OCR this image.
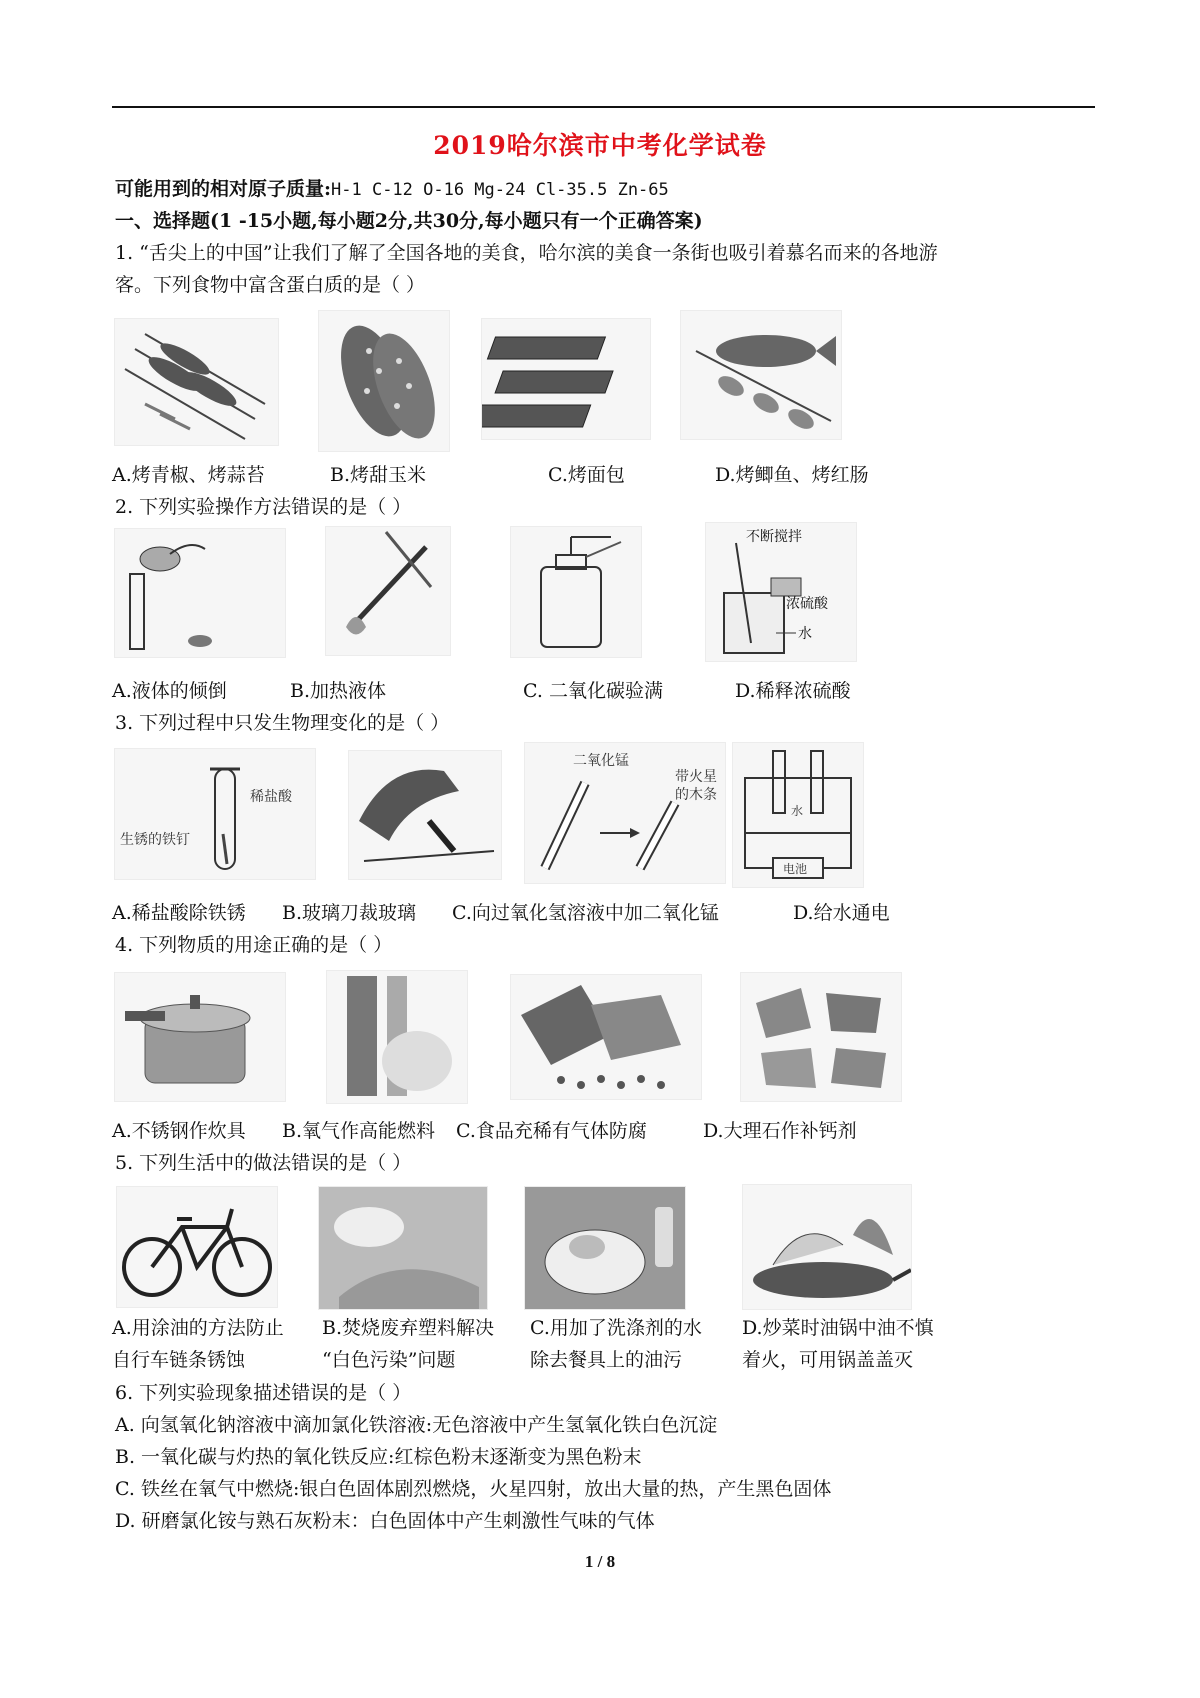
2019哈尔滨市中考化学试卷
可能用到的相对原子质量:H-1 C-12 O-16 Mg-24 Cl-35.5 Zn-65
一、选择题(1 -15小题,每小题2分,共30分,每小题只有一个正确答案)
1. “舌尖上的中国”让我们了解了全国各地的美食，哈尔滨的美食一条街也吸引着慕名而来的各地游
客。下列食物中富含蛋白质的是（ ）
A.烤青椒、烤蒜苔	B.烤甜玉米	C.烤面包	D.烤鲫鱼、烤红肠
2. 下列实验操作方法错误的是（ ）
不断搅拌
浓硫酸
水
A.液体的倾倒	B.加热液体	C. 二氧化碳验满	D.稀释浓硫酸
3. 下列过程中只发生物理变化的是（ ）
稀盐酸
生锈的铁钉
二氧化锰
带火星
的木条
水
电池
A.稀盐酸除铁锈 B.玻璃刀裁玻璃 C.向过氧化氢溶液中加二氧化锰	D.给水通电
4. 下列物质的用途正确的是（ ）
A.不锈钢作炊具 B.氧气作高能燃料 C.食品充稀有气体防腐	D.大理石作补钙剂
5. 下列生活中的做法错误的是（ ）
A.用涂油的方法防止
自行车链条锈蚀
B.焚烧废弃塑料解决
“白色污染”问题
C.用加了洗涤剂的水
除去餐具上的油污
D.炒菜时油锅中油不慎
着火，可用锅盖盖灭
6. 下列实验现象描述错误的是（ ）
A. 向氢氧化钠溶液中滴加氯化铁溶液:无色溶液中产生氢氧化铁白色沉淀
B. 一氧化碳与灼热的氧化铁反应:红棕色粉末逐渐变为黑色粉末
C. 铁丝在氧气中燃烧:银白色固体剧烈燃烧，火星四射，放出大量的热，产生黑色固体
D. 研磨氯化铵与熟石灰粉末：白色固体中产生刺激性气味的气体
1 / 8
